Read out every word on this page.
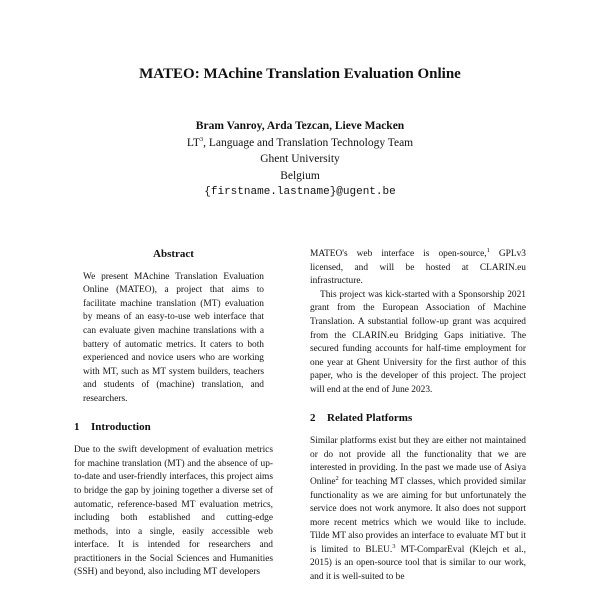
MATEO: MAchine Translation Evaluation Online
Bram Vanroy, Arda Tezcan, Lieve Macken
$LT^3$, Language and Translation Technology Team
Ghent University
Belgium
{firstname.lastname}@ugent.be
Abstract

We present MAchine Translation Evaluation Online (MATEO), a project that aims to facilitate machine translation (MT) evaluation by means of an easy-to-use web interface that can evaluate given machine translations with a battery of automatic metrics. It caters to both experienced and novice users who are working with MT, such as MT system builders, teachers and students of (machine) translation, and researchers.

1 Introduction

Due to the swift development of evaluation metrics for machine translation (MT) and the absence of up-to-date and user-friendly interfaces, this project aims to bridge the gap by joining together a diverse set of automatic, reference-based MT evaluation metrics, including both established and cutting-edge methods, into a single, easily accessible web interface. It is intended for researchers and practitioners in the Social Sciences and Humanities (SSH) and beyond, also including MT developers

MATEO's web interface is open-source,$^1$ GPLv3 licensed, and will be hosted at CLARIN.eu infrastructure.

This project was kick-started with a Sponsorship 2021 grant from the European Association of Machine Translation. A substantial follow-up grant was acquired from the CLARIN.eu Bridging Gaps initiative. The secured funding accounts for half-time employment for one year at Ghent University for the first author of this paper, who is the developer of this project. The project will end at the end of June 2023.

2 Related Platforms

Similar platforms exist but they are either not maintained or do not provide all the functionality that we are interested in providing. In the past we made use of Asiya Online$^2$ for teaching MT classes, which provided similar functionality as we are aiming for but unfortunately the service does not work anymore. It also does not support more recent metrics which we would like to include. Tilde MT also provides an interface to evaluate MT but it is limited to BLEU.$^3$ MT-ComparEval (Klejch et al., 2015) is an open-source tool that is similar to our work, and it is well-suited to be
